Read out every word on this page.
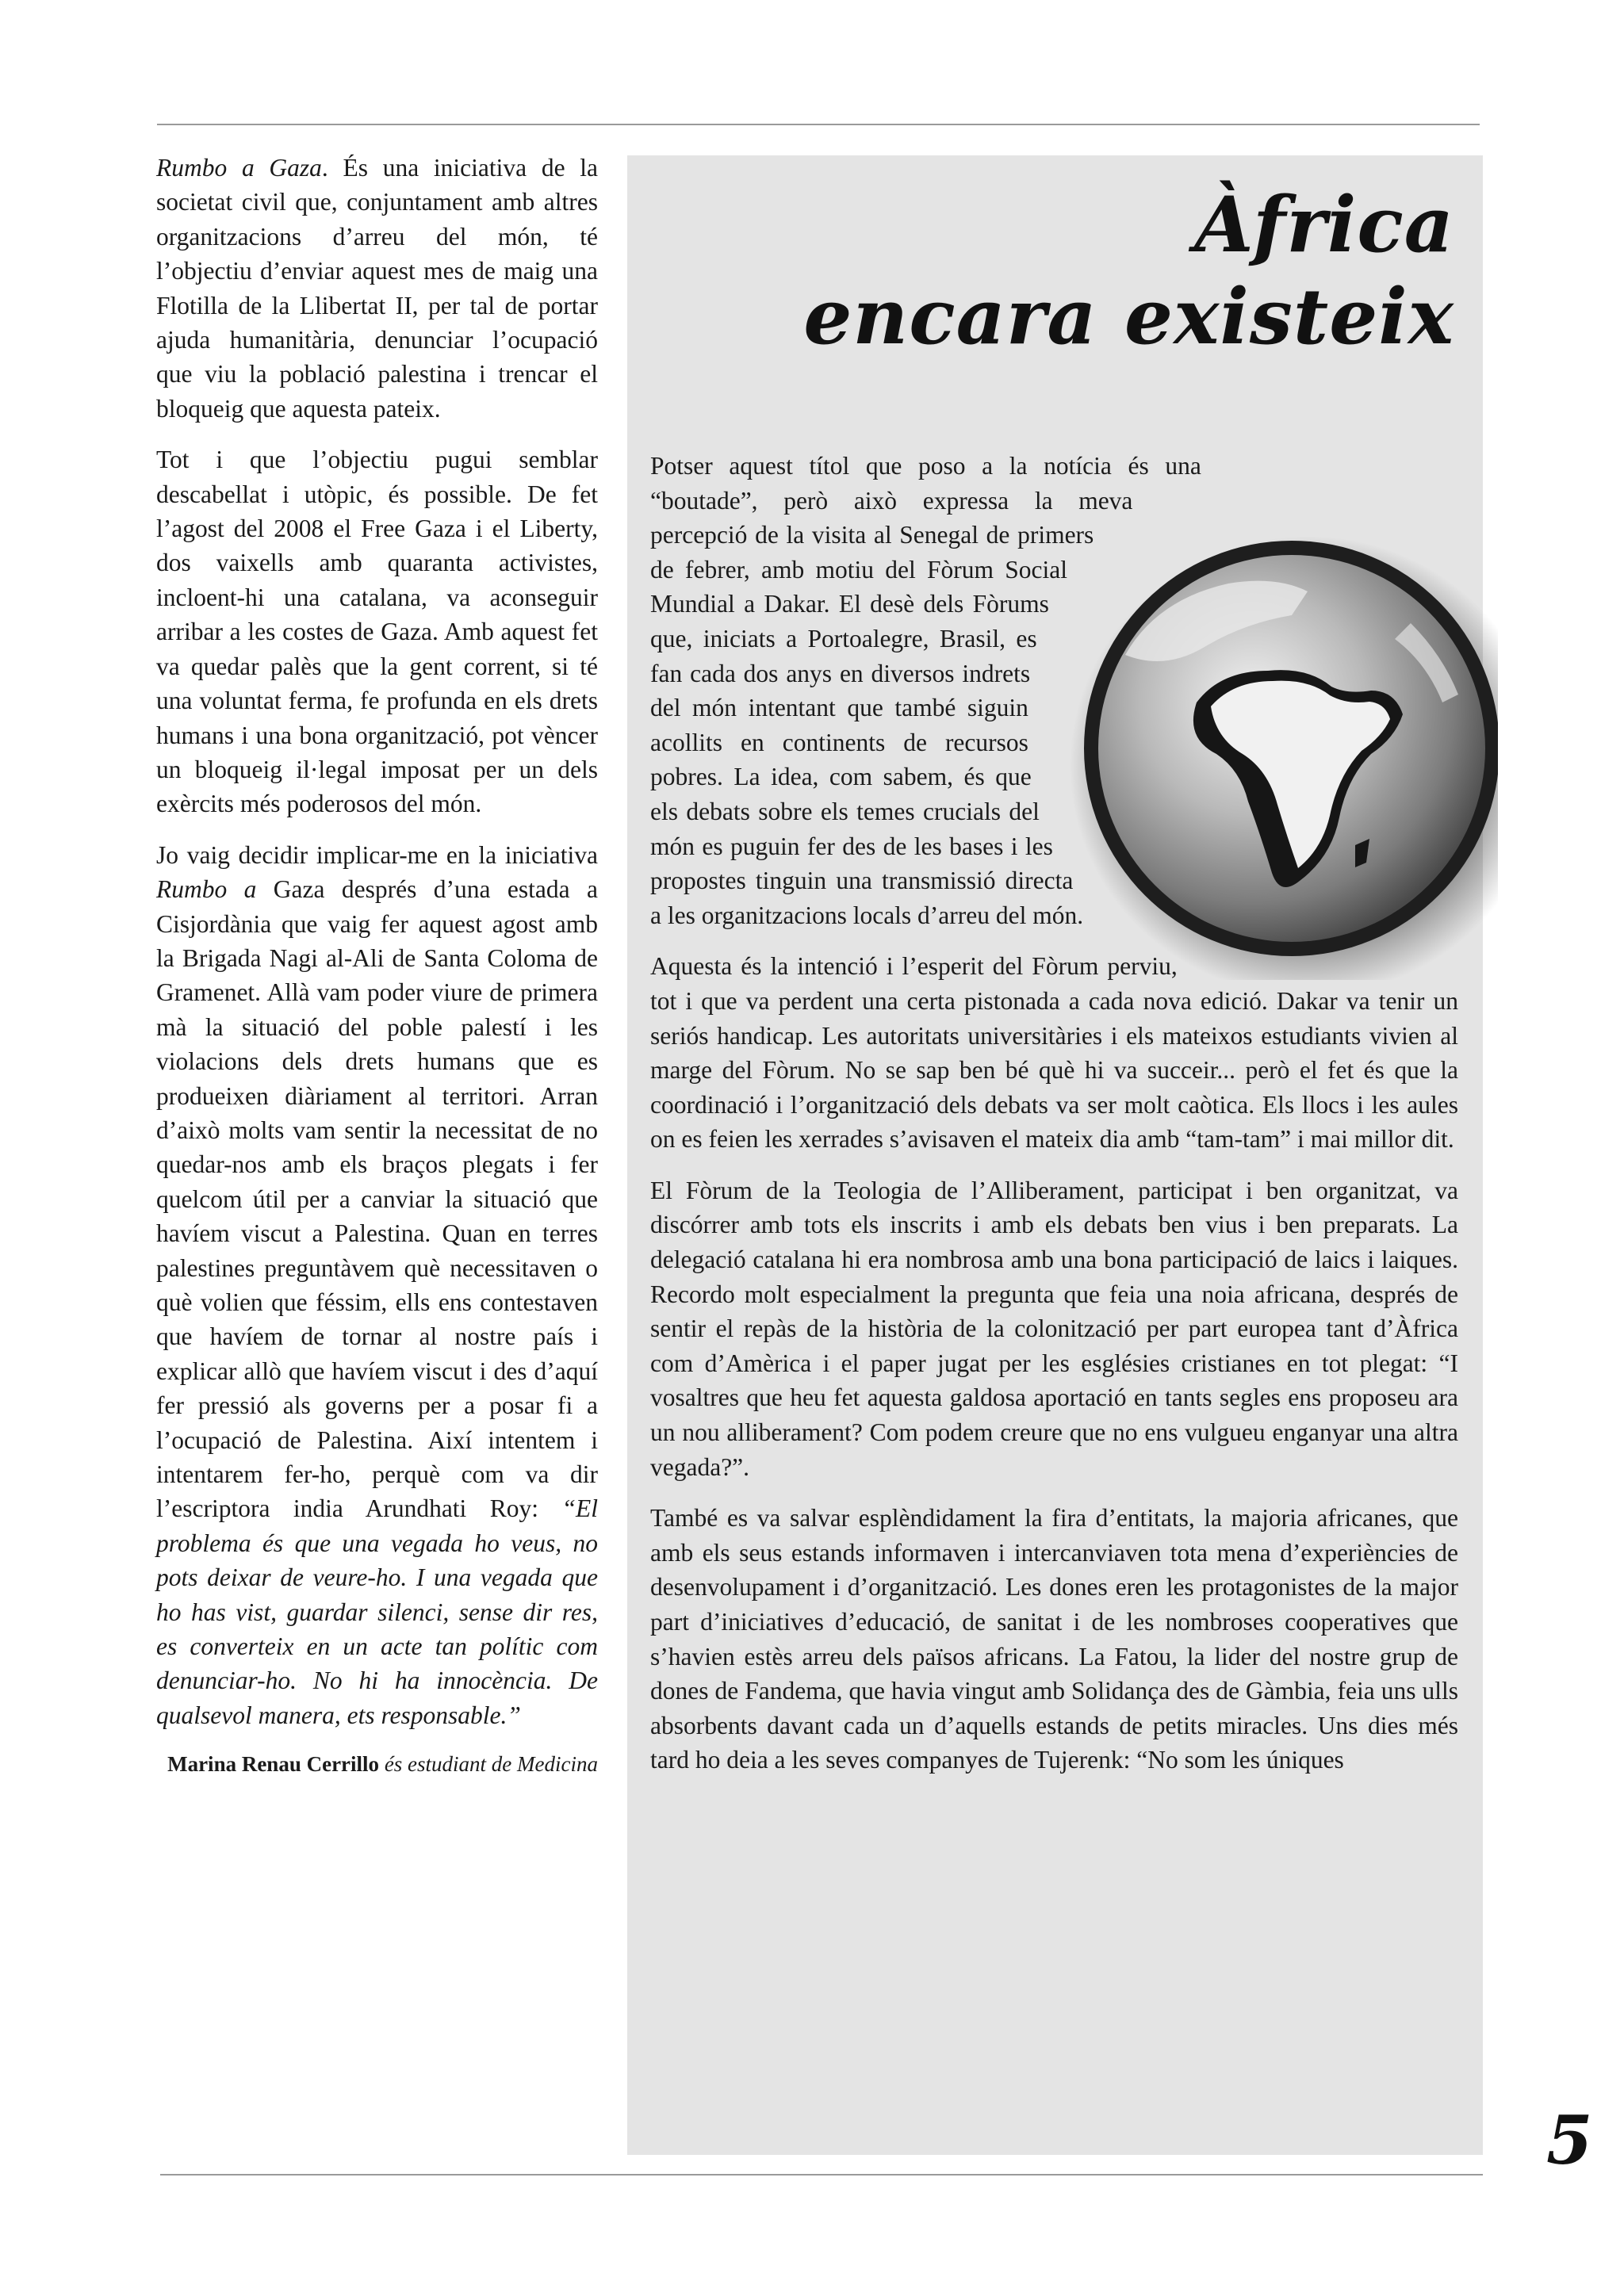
Rumbo a Gaza. És una iniciativa de la societat civil que, conjuntament amb altres organitzacions d’arreu del món, té l’objectiu d’enviar aquest mes de maig una Flotilla de la Llibertat II, per tal de portar ajuda humanitària, denunciar l’ocupació que viu la població palestina i trencar el bloqueig que aquesta pateix.

Tot i que l’objectiu pugui semblar descabellat i utòpic, és possible. De fet l’agost del 2008 el Free Gaza i el Liberty, dos vaixells amb quaranta activistes, incloent-hi una catalana, va aconseguir arribar a les costes de Gaza. Amb aquest fet va quedar palès que la gent corrent, si té una voluntat ferma, fe profunda en els drets humans i una bona organització, pot vèncer un bloqueig il·legal imposat per un dels exèrcits més poderosos del món.

Jo vaig decidir implicar-me en la iniciativa Rumbo a Gaza després d’una estada a Cisjordània que vaig fer aquest agost amb la Brigada Nagi al-Ali de Santa Coloma de Gramenet. Allà vam poder viure de primera mà la situació del poble palestí i les violacions dels drets humans que es produeixen diàriament al territori. Arran d’això molts vam sentir la necessitat de no quedar-nos amb els braços plegats i fer quelcom útil per a canviar la situació que havíem viscut a Palestina. Quan en terres palestines preguntàvem què necessitaven o què volien que féssim, ells ens contestaven que havíem de tornar al nostre país i explicar allò que havíem viscut i des d’aquí fer pressió als governs per a posar fi a l’ocupació de Palestina. Així intentem i intentarem fer-ho, perquè com va dir l’escriptora india Arundhati Roy: “El problema és que una vegada ho veus, no pots deixar de veure-ho. I una vegada que ho has vist, guardar silenci, sense dir res, es converteix en un acte tan polític com denunciar-ho. No hi ha innocència. De qualsevol manera, ets responsable.”

Marina Renau Cerrillo és estudiant de Medicina
Àfrica
encara existeix

Potser aquest títol que poso a la notícia és una “boutade”, però això expressa la meva percepció de la visita al Senegal de primers de febrer, amb motiu del Fòrum Social Mundial a Dakar. El desè dels Fòrums que, iniciats a Portoalegre, Brasil, es fan cada dos anys en diversos indrets del món intentant que també siguin acollits en continents de recursos pobres. La idea, com sabem, és que els debats sobre els temes crucials del món es puguin fer des de les bases i les propostes tinguin una transmissió directa a les organitzacions locals d’arreu del món.

Aquesta és la intenció i l’esperit del Fòrum perviu, tot i que va perdent una certa pistonada a cada nova edició. Dakar va tenir un seriós handicap. Les autoritats universitàries i els mateixos estudiants vivien al marge del Fòrum. No se sap ben bé què hi va succeir... però el fet és que la coordinació i l’organització dels debats va ser molt caòtica. Els llocs i les aules on es feien les xerrades s’avisaven el mateix dia amb “tam-tam” i mai millor dit.

El Fòrum de la Teologia de l’Alliberament, participat i ben organitzat, va discórrer amb tots els inscrits i amb els debats ben vius i ben preparats. La delegació catalana hi era nombrosa amb una bona participació de laics i laiques. Recordo molt especialment la pregunta que feia una noia africana, després de sentir el repàs de la història de la colonització per part europea tant d’Àfrica com d’Amèrica i el paper jugat per les esglésies cristianes en tot plegat: “I vosaltres que heu fet aquesta galdosa aportació en tants segles ens proposeu ara un nou alliberament? Com podem creure que no ens vulgueu enganyar una altra vegada?”.

També es va salvar esplèndidament la fira d’entitats, la majoria africanes, que amb els seus estands informaven i intercanviaven tota mena d’experiències de desenvolupament i d’organització. Les dones eren les protagonistes de la major part d’iniciatives d’educació, de sanitat i de les nombroses cooperatives que s’havien estès arreu dels països africans. La Fatou, la lider del nostre grup de dones de Fandema, que havia vingut amb Solidança des de Gàmbia, feia uns ulls absorbents davant cada un d’aquells estands de petits miracles. Uns dies més tard ho deia a les seves companyes de Tujerenk: “No som les úniques

5
